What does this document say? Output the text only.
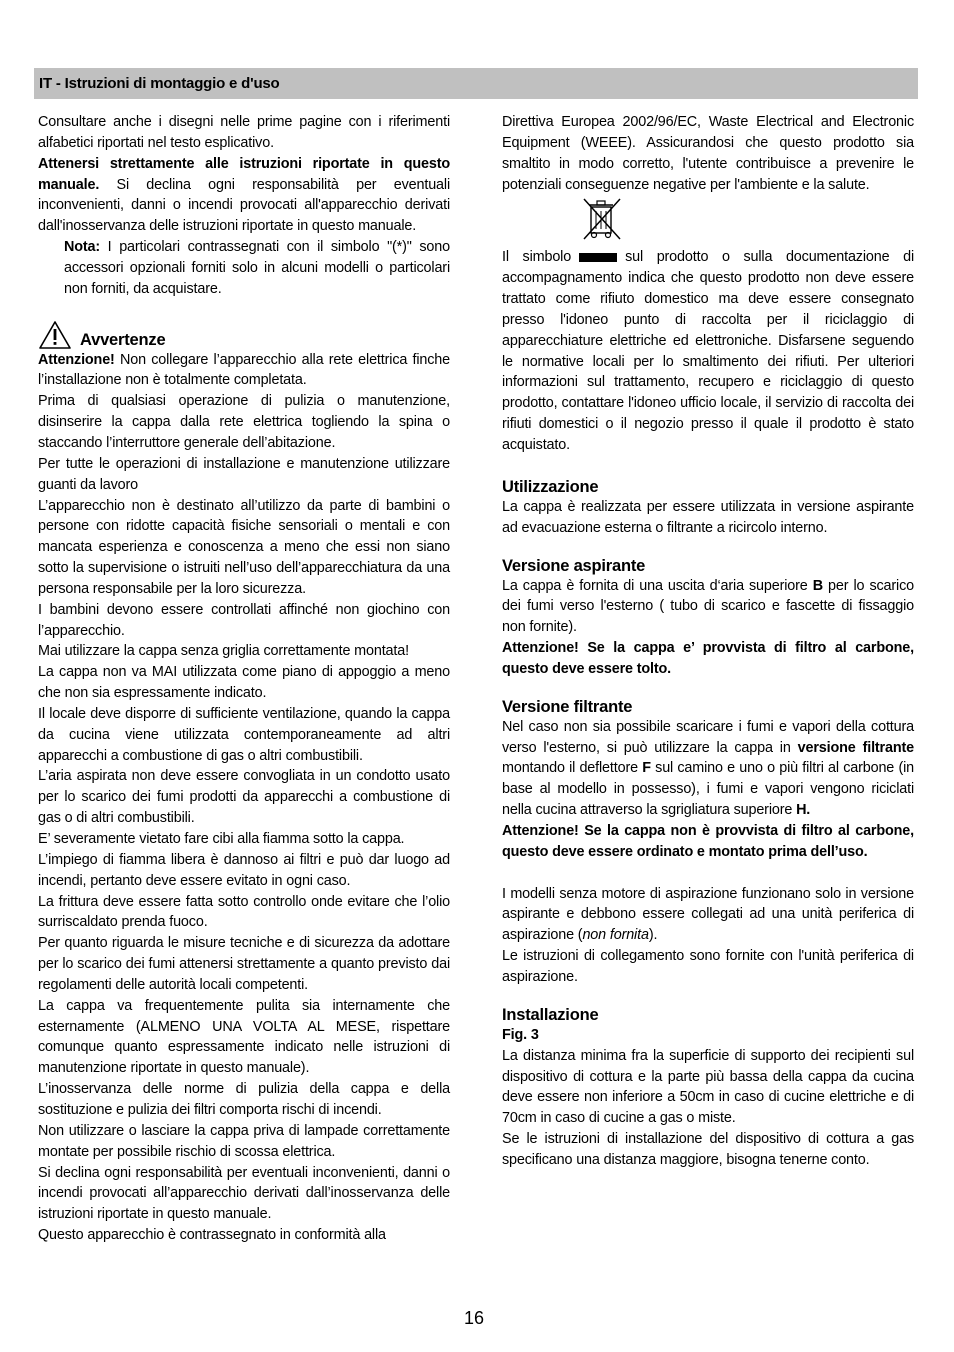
IT - Istruzioni di montaggio e d'uso

Consultare anche i disegni nelle prime pagine con i riferimenti alfabetici riportati nel testo esplicativo.

Attenersi strettamente alle istruzioni riportate in questo manuale. Si declina ogni responsabilità per eventuali inconvenienti, danni o incendi provocati all'apparecchio derivati dall'inosservanza delle istruzioni riportate in questo manuale.

Nota: I particolari contrassegnati con il simbolo "(*)" sono accessori opzionali forniti solo in alcuni modelli o particolari non forniti, da acquistare.

Avvertenze

Attenzione! Non collegare l’apparecchio alla rete elettrica finche l’installazione non è totalmente completata.

Prima di qualsiasi operazione di pulizia o manutenzione, disinserire la cappa dalla rete elettrica togliendo la spina o staccando l’interruttore generale dell’abitazione.

Per tutte le operazioni di installazione e manutenzione utilizzare guanti da lavoro

L’apparecchio non è destinato all’utilizzo da parte di bambini o persone con ridotte capacità fisiche sensoriali o mentali e con mancata esperienza e conoscenza a meno che essi non siano sotto la supervisione o istruiti nell’uso dell’apparecchiatura da una persona responsabile per la loro sicurezza.

I bambini devono essere controllati affinché non giochino con l’apparecchio.

Mai utilizzare la cappa senza griglia correttamente montata!

La cappa non va MAI utilizzata come piano di appoggio a meno che non sia espressamente indicato.

Il locale deve disporre di sufficiente ventilazione, quando la cappa da cucina viene utilizzata contemporaneamente ad altri apparecchi a combustione di gas o altri combustibili.

L’aria aspirata non deve essere convogliata in un condotto usato per lo scarico dei fumi prodotti da apparecchi a combustione di gas o di altri combustibili.

E’ severamente vietato fare cibi alla fiamma sotto la cappa.

L’impiego di fiamma libera è dannoso ai filtri e può dar luogo ad incendi, pertanto deve essere evitato in ogni caso.

La frittura deve essere fatta sotto controllo onde evitare che l’olio surriscaldato prenda fuoco.

Per quanto riguarda le misure tecniche e di sicurezza da adottare per lo scarico dei fumi attenersi strettamente a quanto previsto dai regolamenti delle autorità locali competenti.

La cappa va frequentemente pulita sia internamente che esternamente (ALMENO UNA VOLTA AL MESE, rispettare comunque quanto espressamente indicato nelle istruzioni di manutenzione riportate in questo manuale).

L’inosservanza delle norme di pulizia della cappa e della sostituzione e pulizia dei filtri comporta rischi di incendi.

Non utilizzare o lasciare la cappa priva di lampade correttamente montate per possibile rischio di scossa elettrica.

Si declina ogni responsabilità per eventuali inconvenienti, danni o incendi provocati all’apparecchio derivati dall’inosservanza delle istruzioni riportate in questo manuale.

Questo apparecchio è contrassegnato in conformità alla

Direttiva Europea 2002/96/EC, Waste Electrical and Electronic Equipment (WEEE). Assicurandosi che questo prodotto sia smaltito in modo corretto, l'utente contribuisce a prevenire le potenziali conseguenze negative per l'ambiente e la salute.

Il simbolo	sul prodotto o sulla documentazione di accompagnamento indica che questo prodotto non deve essere trattato come rifiuto domestico ma deve essere consegnato presso l'idoneo punto di raccolta per il riciclaggio di apparecchiature elettriche ed elettroniche. Disfarsene seguendo le normative locali per lo smaltimento dei rifiuti. Per ulteriori informazioni sul trattamento, recupero e riciclaggio di questo prodotto, contattare l'idoneo ufficio locale, il servizio di raccolta dei rifiuti domestici o il negozio presso il quale il prodotto è stato acquistato.

Utilizzazione

La cappa è realizzata per essere utilizzata in versione aspirante ad evacuazione esterna o filtrante a ricircolo interno.

Versione aspirante

La cappa è fornita di una uscita d‘aria superiore B per lo scarico dei fumi verso l'esterno ( tubo di scarico e fascette di fissaggio non fornite).

Attenzione! Se la cappa e’ provvista di filtro al carbone, questo deve essere tolto.

Versione filtrante

Nel caso non sia possibile scaricare i fumi e vapori della cottura verso l'esterno, si può utilizzare la cappa in versione filtrante montando il deflettore F sul camino e uno o più filtri al carbone (in base al modello in possesso), i fumi e vapori vengono riciclati nella cucina attraverso la sgrigliatura superiore H.

Attenzione! Se la cappa non è provvista di filtro al carbone, questo deve essere ordinato e montato prima dell’uso.

I modelli senza motore di aspirazione funzionano solo in versione aspirante e debbono essere collegati ad una unità periferica di aspirazione (non fornita).

Le istruzioni di collegamento sono fornite con l'unità periferica di aspirazione.

Installazione

Fig. 3

La distanza minima fra la superficie di supporto dei recipienti sul dispositivo di cottura e la parte più bassa della cappa da cucina deve essere non inferiore a 50cm in caso di cucine elettriche e di 70cm in caso di cucine a gas o miste.

Se le istruzioni di installazione del dispositivo di cottura a gas specificano una distanza maggiore, bisogna tenerne conto.

16
